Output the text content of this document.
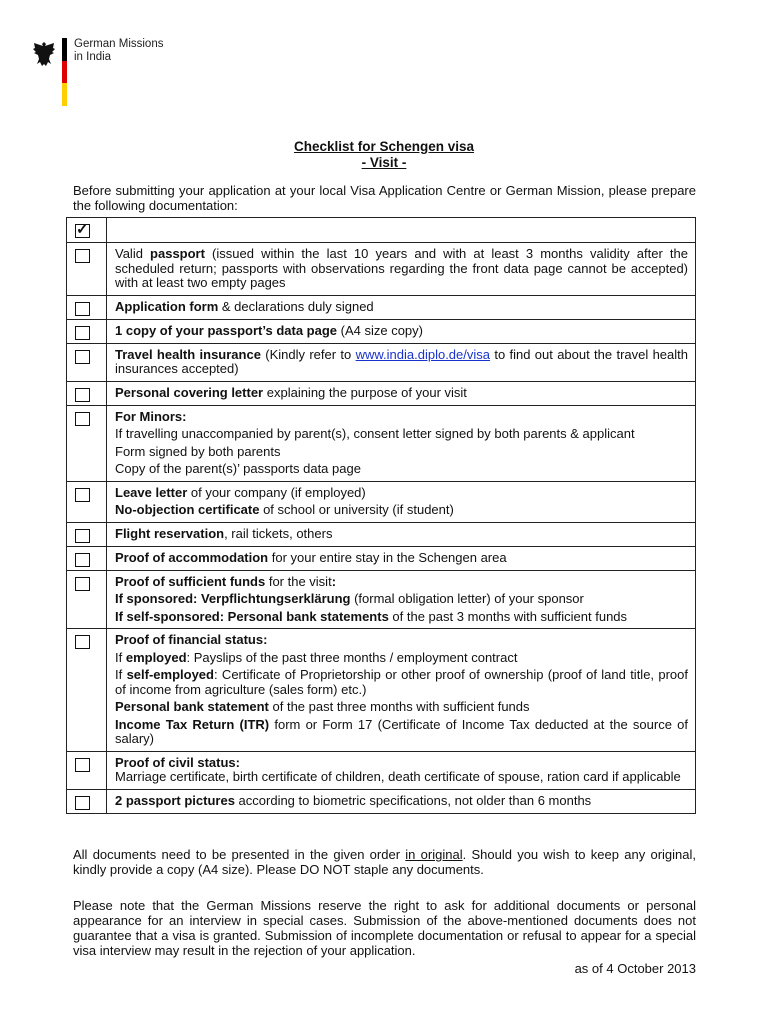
German Missions
in India
Checklist for Schengen visa
- Visit -
Before submitting your application at your local Visa Application Centre or German Mission, please prepare the following documentation:
✓	

	Valid passport (issued within the last 10 years and with at least 3 months validity after the scheduled return; passports with observations regarding the front data page cannot be accepted) with at least two empty pages

	Application form & declarations duly signed

	1 copy of your passport’s data page (A4 size copy)

	Travel health insurance (Kindly refer to www.india.diplo.de/visa to find out about the travel health insurances accepted)

	Personal covering letter explaining the purpose of your visit

	For Minors:

If travelling unaccompanied by parent(s), consent letter signed by both parents & applicant

Form signed by both parents

Copy of the parent(s)’ passports data page

	Leave letter of your company (if employed)

No-objection certificate of school or university (if student)

	Flight reservation, rail tickets, others

	Proof of accommodation for your entire stay in the Schengen area

	Proof of sufficient funds for the visit:

If sponsored: Verpflichtungserklärung (formal obligation letter) of your sponsor

If self-sponsored: Personal bank statements of the past 3 months with sufficient funds

	Proof of financial status:

If employed: Payslips of the past three months / employment contract

If self-employed: Certificate of Proprietorship or other proof of ownership (proof of land title, proof of income from agriculture (sales form) etc.)

Personal bank statement of the past three months with sufficient funds

Income Tax Return (ITR) form or Form 17 (Certificate of Income Tax deducted at the source of salary)

	Proof of civil status:

Marriage certificate, birth certificate of children, death certificate of spouse, ration card if applicable

	2 passport pictures according to biometric specifications, not older than 6 months

All documents need to be presented in the given order in original. Should you wish to keep any original, kindly provide a copy (A4 size). Please DO NOT staple any documents.
Please note that the German Missions reserve the right to ask for additional documents or personal appearance for an interview in special cases. Submission of the above-mentioned documents does not guarantee that a visa is granted. Submission of incomplete documentation or refusal to appear for a special visa interview may result in the rejection of your application.
as of 4 October 2013
